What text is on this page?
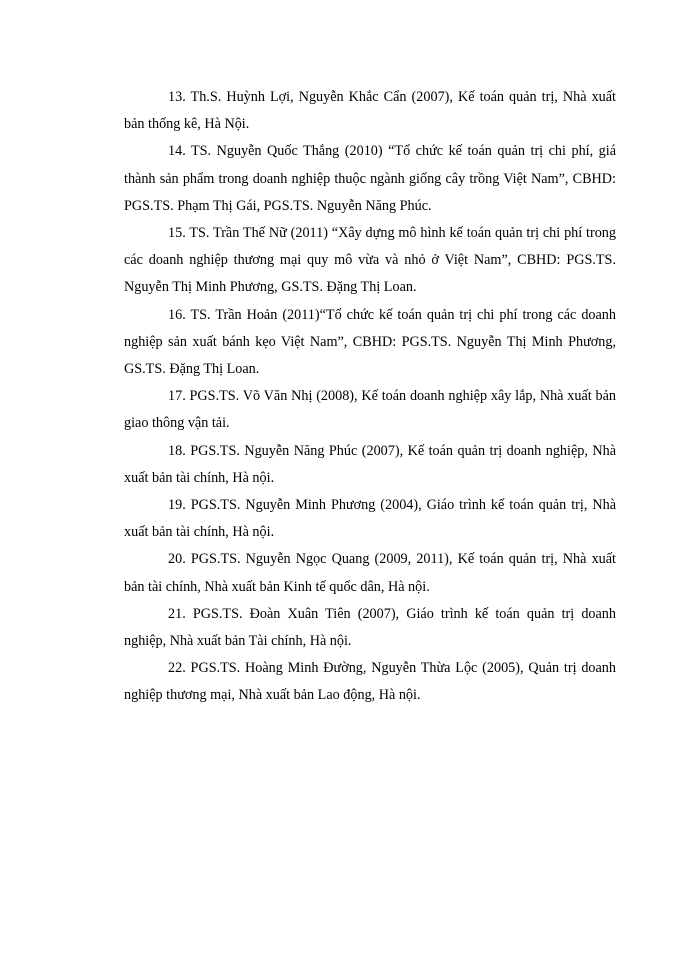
13. Th.S. Huỳnh Lợi, Nguyễn Khắc Cẩn (2007), Kế toán quản trị, Nhà xuất bản thống kê, Hà Nội.

14. TS. Nguyễn Quốc Thắng (2010) “Tổ chức kế toán quản trị chi phí, giá thành sản phẩm trong doanh nghiệp thuộc ngành giống cây trồng Việt Nam”, CBHD: PGS.TS. Phạm Thị Gái, PGS.TS. Nguyễn Năng Phúc.

15. TS. Trần Thế Nữ (2011) “Xây dựng mô hình kế toán quản trị chi phí trong các doanh nghiệp thương mại quy mô vừa và nhỏ ở Việt Nam”, CBHD: PGS.TS. Nguyễn Thị Minh Phương, GS.TS. Đặng Thị Loan.

16. TS. Trần Hoản (2011)“Tổ chức kế toán quản trị chi phí trong các doanh nghiệp sản xuất bánh kẹo Việt Nam”, CBHD: PGS.TS. Nguyễn Thị Minh Phương, GS.TS. Đặng Thị Loan.

17. PGS.TS. Võ Văn Nhị (2008), Kế toán doanh nghiệp xây lắp, Nhà xuất bản giao thông vận tải.

18. PGS.TS. Nguyễn Năng Phúc (2007), Kế toán quản trị doanh nghiệp, Nhà xuất bản tài chính, Hà nội.

19. PGS.TS. Nguyễn Minh Phương (2004), Giáo trình kế toán quản trị, Nhà xuất bản tài chính, Hà nội.

20. PGS.TS. Nguyễn Ngọc Quang (2009, 2011), Kế toán quản trị, Nhà xuất bản tài chính, Nhà xuất bản Kinh tế quốc dân, Hà nội.

21. PGS.TS. Đoàn Xuân Tiên (2007), Giáo trình kế toán quản trị doanh nghiệp, Nhà xuất bản Tài chính, Hà nội.

22. PGS.TS. Hoàng Minh Đường, Nguyễn Thừa Lộc (2005), Quản trị doanh nghiệp thương mại, Nhà xuất bản Lao động, Hà nội.
